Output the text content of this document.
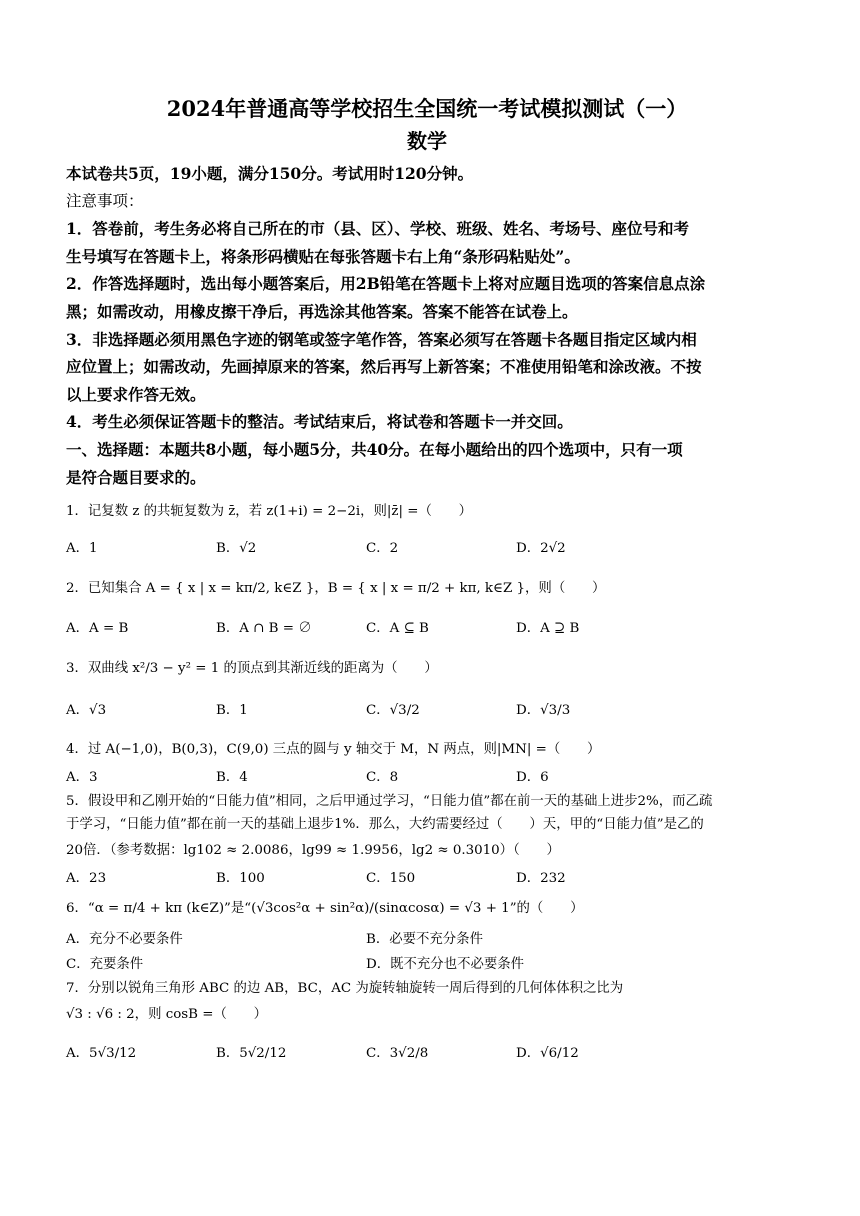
2024年普通高等学校招生全国统一考试模拟测试（一）

数学

本试卷共5页，19小题，满分150分。考试用时120分钟。

注意事项：

1．答卷前，考生务必将自己所在的市（县、区）、学校、班级、姓名、考场号、座位号和考

生号填写在答题卡上，将条形码横贴在每张答题卡右上角“条形码粘贴处”。

2．作答选择题时，选出每小题答案后，用2B铅笔在答题卡上将对应题目选项的答案信息点涂

黑；如需改动，用橡皮擦干净后，再选涂其他答案。答案不能答在试卷上。

3．非选择题必须用黑色字迹的钢笔或签字笔作答，答案必须写在答题卡各题目指定区域内相

应位置上；如需改动，先画掉原来的答案，然后再写上新答案；不准使用铅笔和涂改液。不按

以上要求作答无效。

4．考生必须保证答题卡的整洁。考试结束后，将试卷和答题卡一并交回。

一、选择题：本题共8小题，每小题5分，共40分。在每小题给出的四个选项中，只有一项

是符合题目要求的。

1．记复数 z 的共轭复数为 z̄，若 z(1+i) = 2−2i，则|z̄| =（　　）

A．1	B．√2	C．2	D．2√2

2．已知集合 A = { x | x = kπ/2, k∈Z }，B = { x | x = π/2 + kπ, k∈Z }，则（　　）

A．A = B	B．A ∩ B = ∅	C．A ⊆ B	D．A ⊇ B

3．双曲线 x²/3 − y² = 1 的顶点到其渐近线的距离为（　　）

A．√3	B．1	C．√3/2	D．√3/3

4．过 A(−1,0)，B(0,3)，C(9,0) 三点的圆与 y 轴交于 M，N 两点，则|MN| =（　　）

A．3	B．4	C．8	D．6

5．假设甲和乙刚开始的“日能力值”相同，之后甲通过学习，“日能力值”都在前一天的基础上进步2%，而乙疏

于学习，“日能力值”都在前一天的基础上退步1%．那么，大约需要经过（　　）天，甲的“日能力值”是乙的

20倍．（参考数据：lg102 ≈ 2.0086，lg99 ≈ 1.9956，lg2 ≈ 0.3010）（　　）

A．23	B．100	C．150	D．232

6．“α = π/4 + kπ (k∈Z)”是“(√3cos²α + sin²α)/(sinαcosα) = √3 + 1”的（　　）

A．充分不必要条件	B．必要不充分条件
C．充要条件	D．既不充分也不必要条件

7．分别以锐角三角形 ABC 的边 AB，BC，AC 为旋转轴旋转一周后得到的几何体体积之比为

√3 : √6 : 2，则 cosB =（　　）

A．5√3/12	B．5√2/12	C．3√2/8	D．√6/12
